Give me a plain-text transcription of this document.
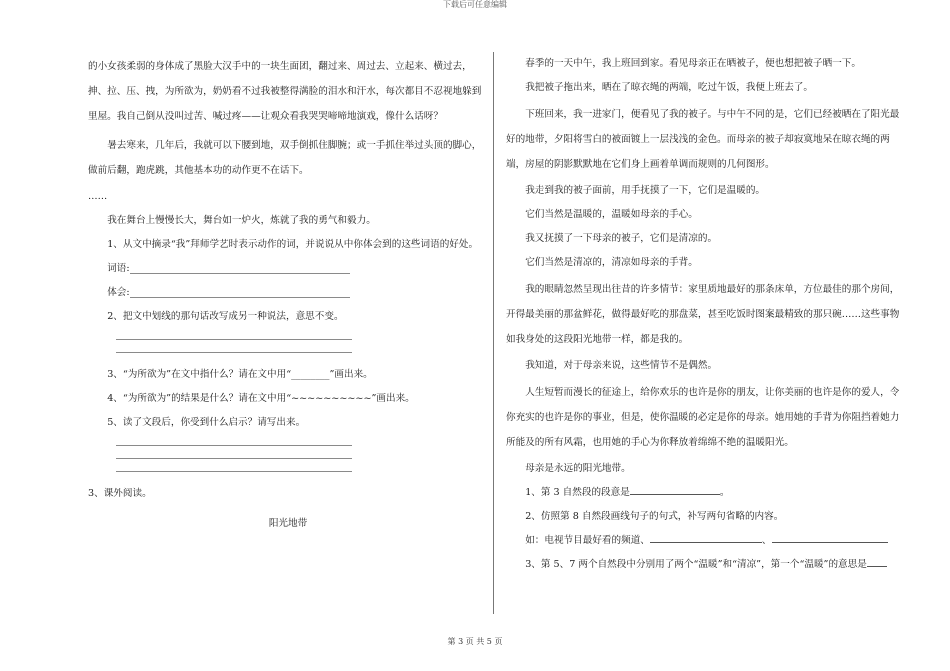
下载后可任意编辑
的小女孩柔弱的身体成了黑脸大汉手中的一块生面团，翻过来、周过去、立起来、横过去，抻、拉、压、拽，为所欲为，奶奶看不过我被整得满脸的泪水和汗水，每次都目不忍视地躲到里屋。我自己倒从没叫过苦、喊过疼——让观众看我哭哭啼啼地演戏，像什么话呀？
暑去寒来，几年后，我就可以下腰到地，双手倒抓住脚腕；或一手抓住举过头顶的脚心，做前后翻，跑虎跳，其他基本功的动作更不在话下。
……
我在舞台上慢慢长大，舞台如一炉火，炼就了我的勇气和毅力。
1、从文中摘录“我”拜师学艺时表示动作的词，并说说从中你体会到的这些词语的好处。
词语:
体会:
2、把文中划线的那句话改写成另一种说法，意思不变。
3、“为所欲为”在文中指什么？请在文中用“________”画出来。
4、“为所欲为”的结果是什么？请在文中用“~~~~~~~~~~”画出来。
5、读了文段后，你受到什么启示？请写出来。
3、课外阅读。
阳光地带
春季的一天中午，我上班回到家。看见母亲正在晒被子，便也想把被子晒一下。
我把被子拖出来，晒在了晾衣绳的两端，吃过午饭，我便上班去了。
下班回来，我一进家门，便看见了我的被子。与中午不同的是，它们已经被晒在了阳光最好的地带，夕阳将雪白的被面镀上一层浅浅的金色。而母亲的被子却寂寞地呆在晾衣绳的两端，房屋的阴影默默地在它们身上画着单调而规则的几何图形。
我走到我的被子面前，用手抚摸了一下，它们是温暖的。
它们当然是温暖的，温暖如母亲的手心。
我又抚摸了一下母亲的被子，它们是清凉的。
它们当然是清凉的，清凉如母亲的手背。
我的眼睛忽然呈现出往昔的许多情节：家里质地最好的那条床单，方位最佳的那个房间，开得最美丽的那盆鲜花，做得最好吃的那盘菜，甚至吃饭时图案最精致的那只碗……这些事物如我身处的这段阳光地带一样，都是我的。
我知道，对于母亲来说，这些情节不是偶然。
人生短暂而漫长的征途上，给你欢乐的也许是你的朋友，让你美丽的也许是你的爱人，令你充实的也许是你的事业，但是，使你温暖的必定是你的母亲。她用她的手背为你阻挡着她力所能及的所有风霜，也用她的手心为你释放着绵绵不绝的温暖阳光。
母亲是永远的阳光地带。
1、第 3 自然段的段意是	。
2、仿照第 8 自然段画线句子的句式，补写两句省略的内容。
如：电视节目最好看的频道、	、
3、第 5、7 两个自然段中分别用了两个“温暖”和“清凉”，第一个“温暖”的意思是
第 3 页 共 5 页
